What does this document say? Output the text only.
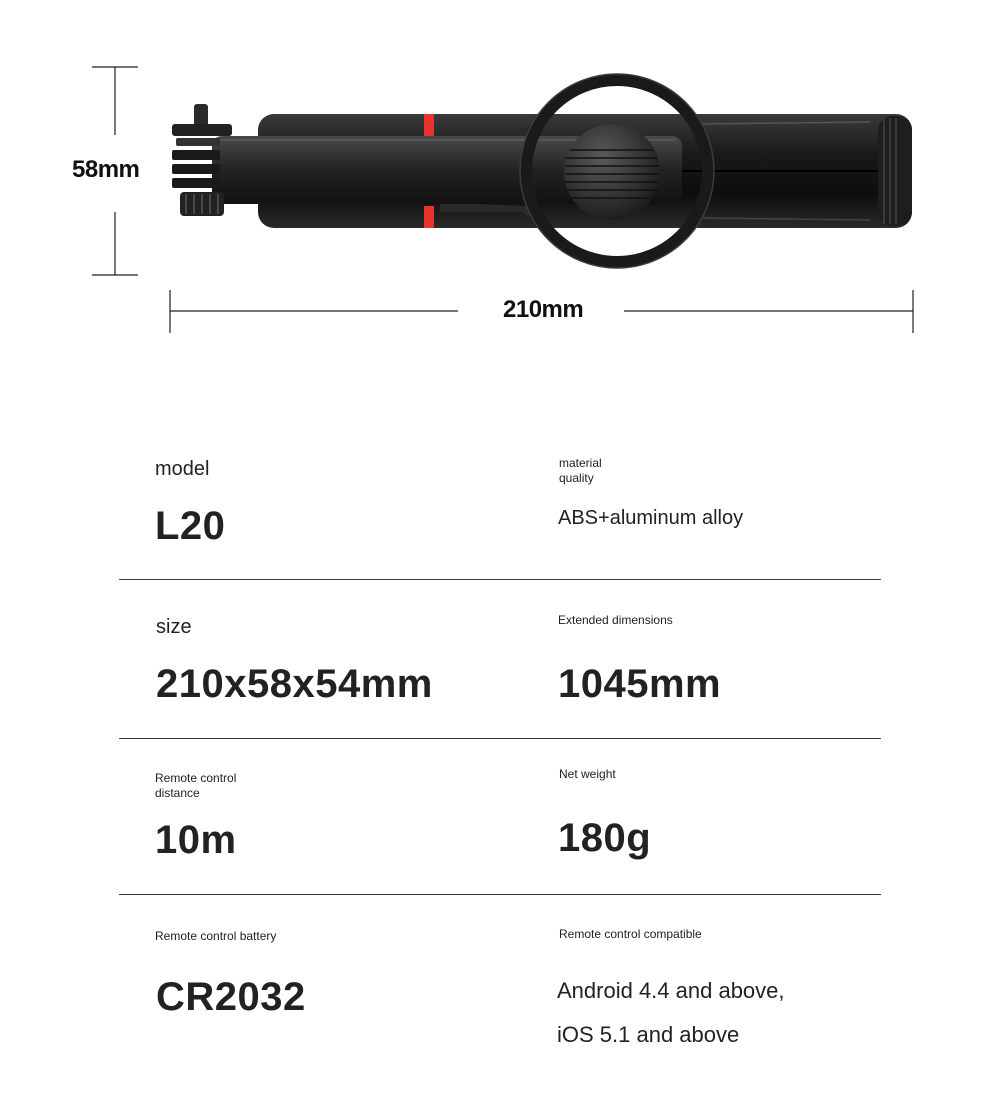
58mm
210mm
model
L20
material quality
ABS+aluminum alloy
size
210x58x54mm
Extended dimensions
1045mm
Remote control distance
10m
Net weight
180g
Remote control battery
CR2032
Remote control compatible
Android 4.4 and above,
iOS 5.1 and above
